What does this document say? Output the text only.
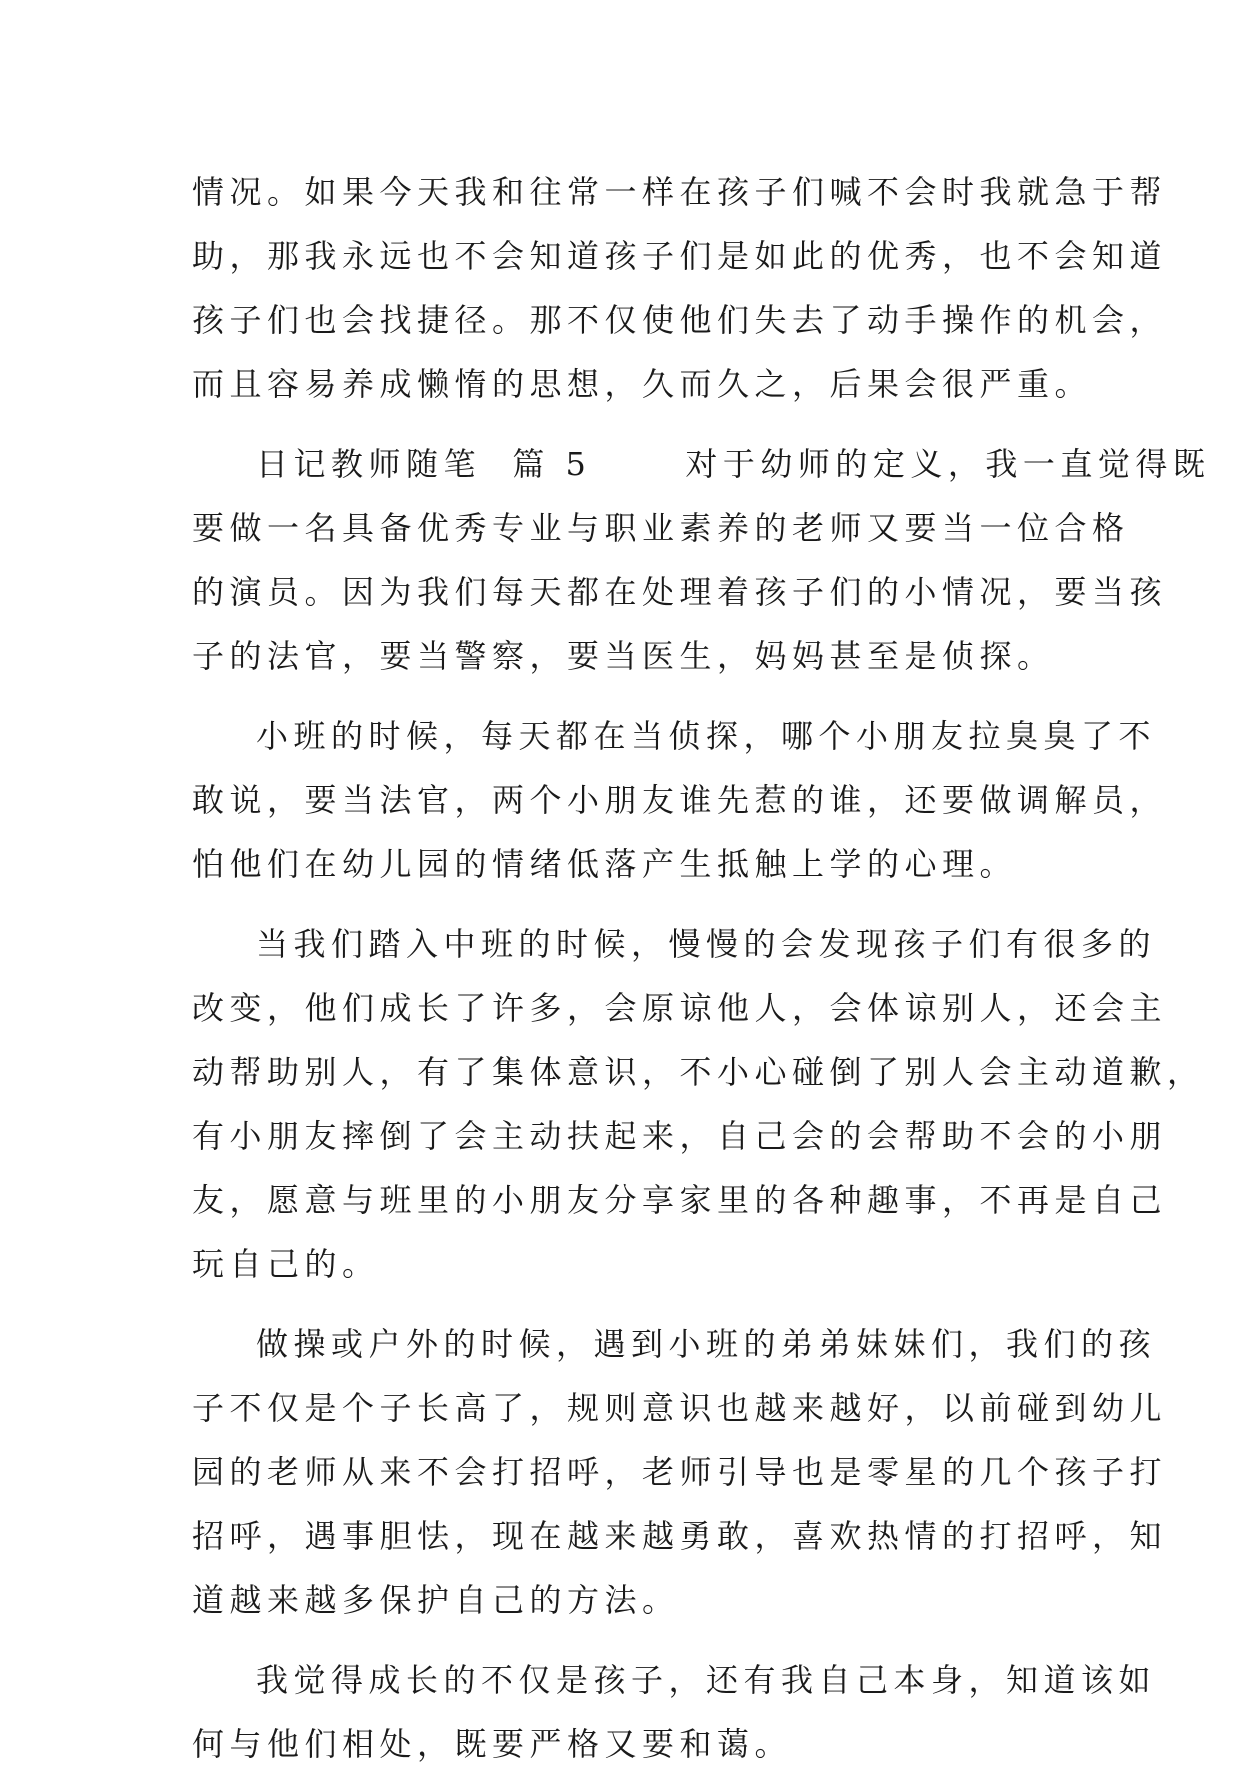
情况。如果今天我和往常一样在孩子们喊不会时我就急于帮
助，那我永远也不会知道孩子们是如此的优秀，也不会知道
孩子们也会找捷径。那不仅使他们失去了动手操作的机会，
而且容易养成懒惰的思想，久而久之，后果会很严重。
日记教师随笔  篇 5      对于幼师的定义，我一直觉得既
要做一名具备优秀专业与职业素养的老师又要当一位合格
的演员。因为我们每天都在处理着孩子们的小情况，要当孩
子的法官，要当警察，要当医生，妈妈甚至是侦探。
小班的时候，每天都在当侦探，哪个小朋友拉臭臭了不
敢说，要当法官，两个小朋友谁先惹的谁，还要做调解员，
怕他们在幼儿园的情绪低落产生抵触上学的心理。
当我们踏入中班的时候，慢慢的会发现孩子们有很多的
改变，他们成长了许多，会原谅他人，会体谅别人，还会主
动帮助别人，有了集体意识，不小心碰倒了别人会主动道歉，
有小朋友摔倒了会主动扶起来，自己会的会帮助不会的小朋
友，愿意与班里的小朋友分享家里的各种趣事，不再是自己
玩自己的。
做操或户外的时候，遇到小班的弟弟妹妹们，我们的孩
子不仅是个子长高了，规则意识也越来越好，以前碰到幼儿
园的老师从来不会打招呼，老师引导也是零星的几个孩子打
招呼，遇事胆怯，现在越来越勇敢，喜欢热情的打招呼，知
道越来越多保护自己的方法。
我觉得成长的不仅是孩子，还有我自己本身，知道该如
何与他们相处，既要严格又要和蔼。
